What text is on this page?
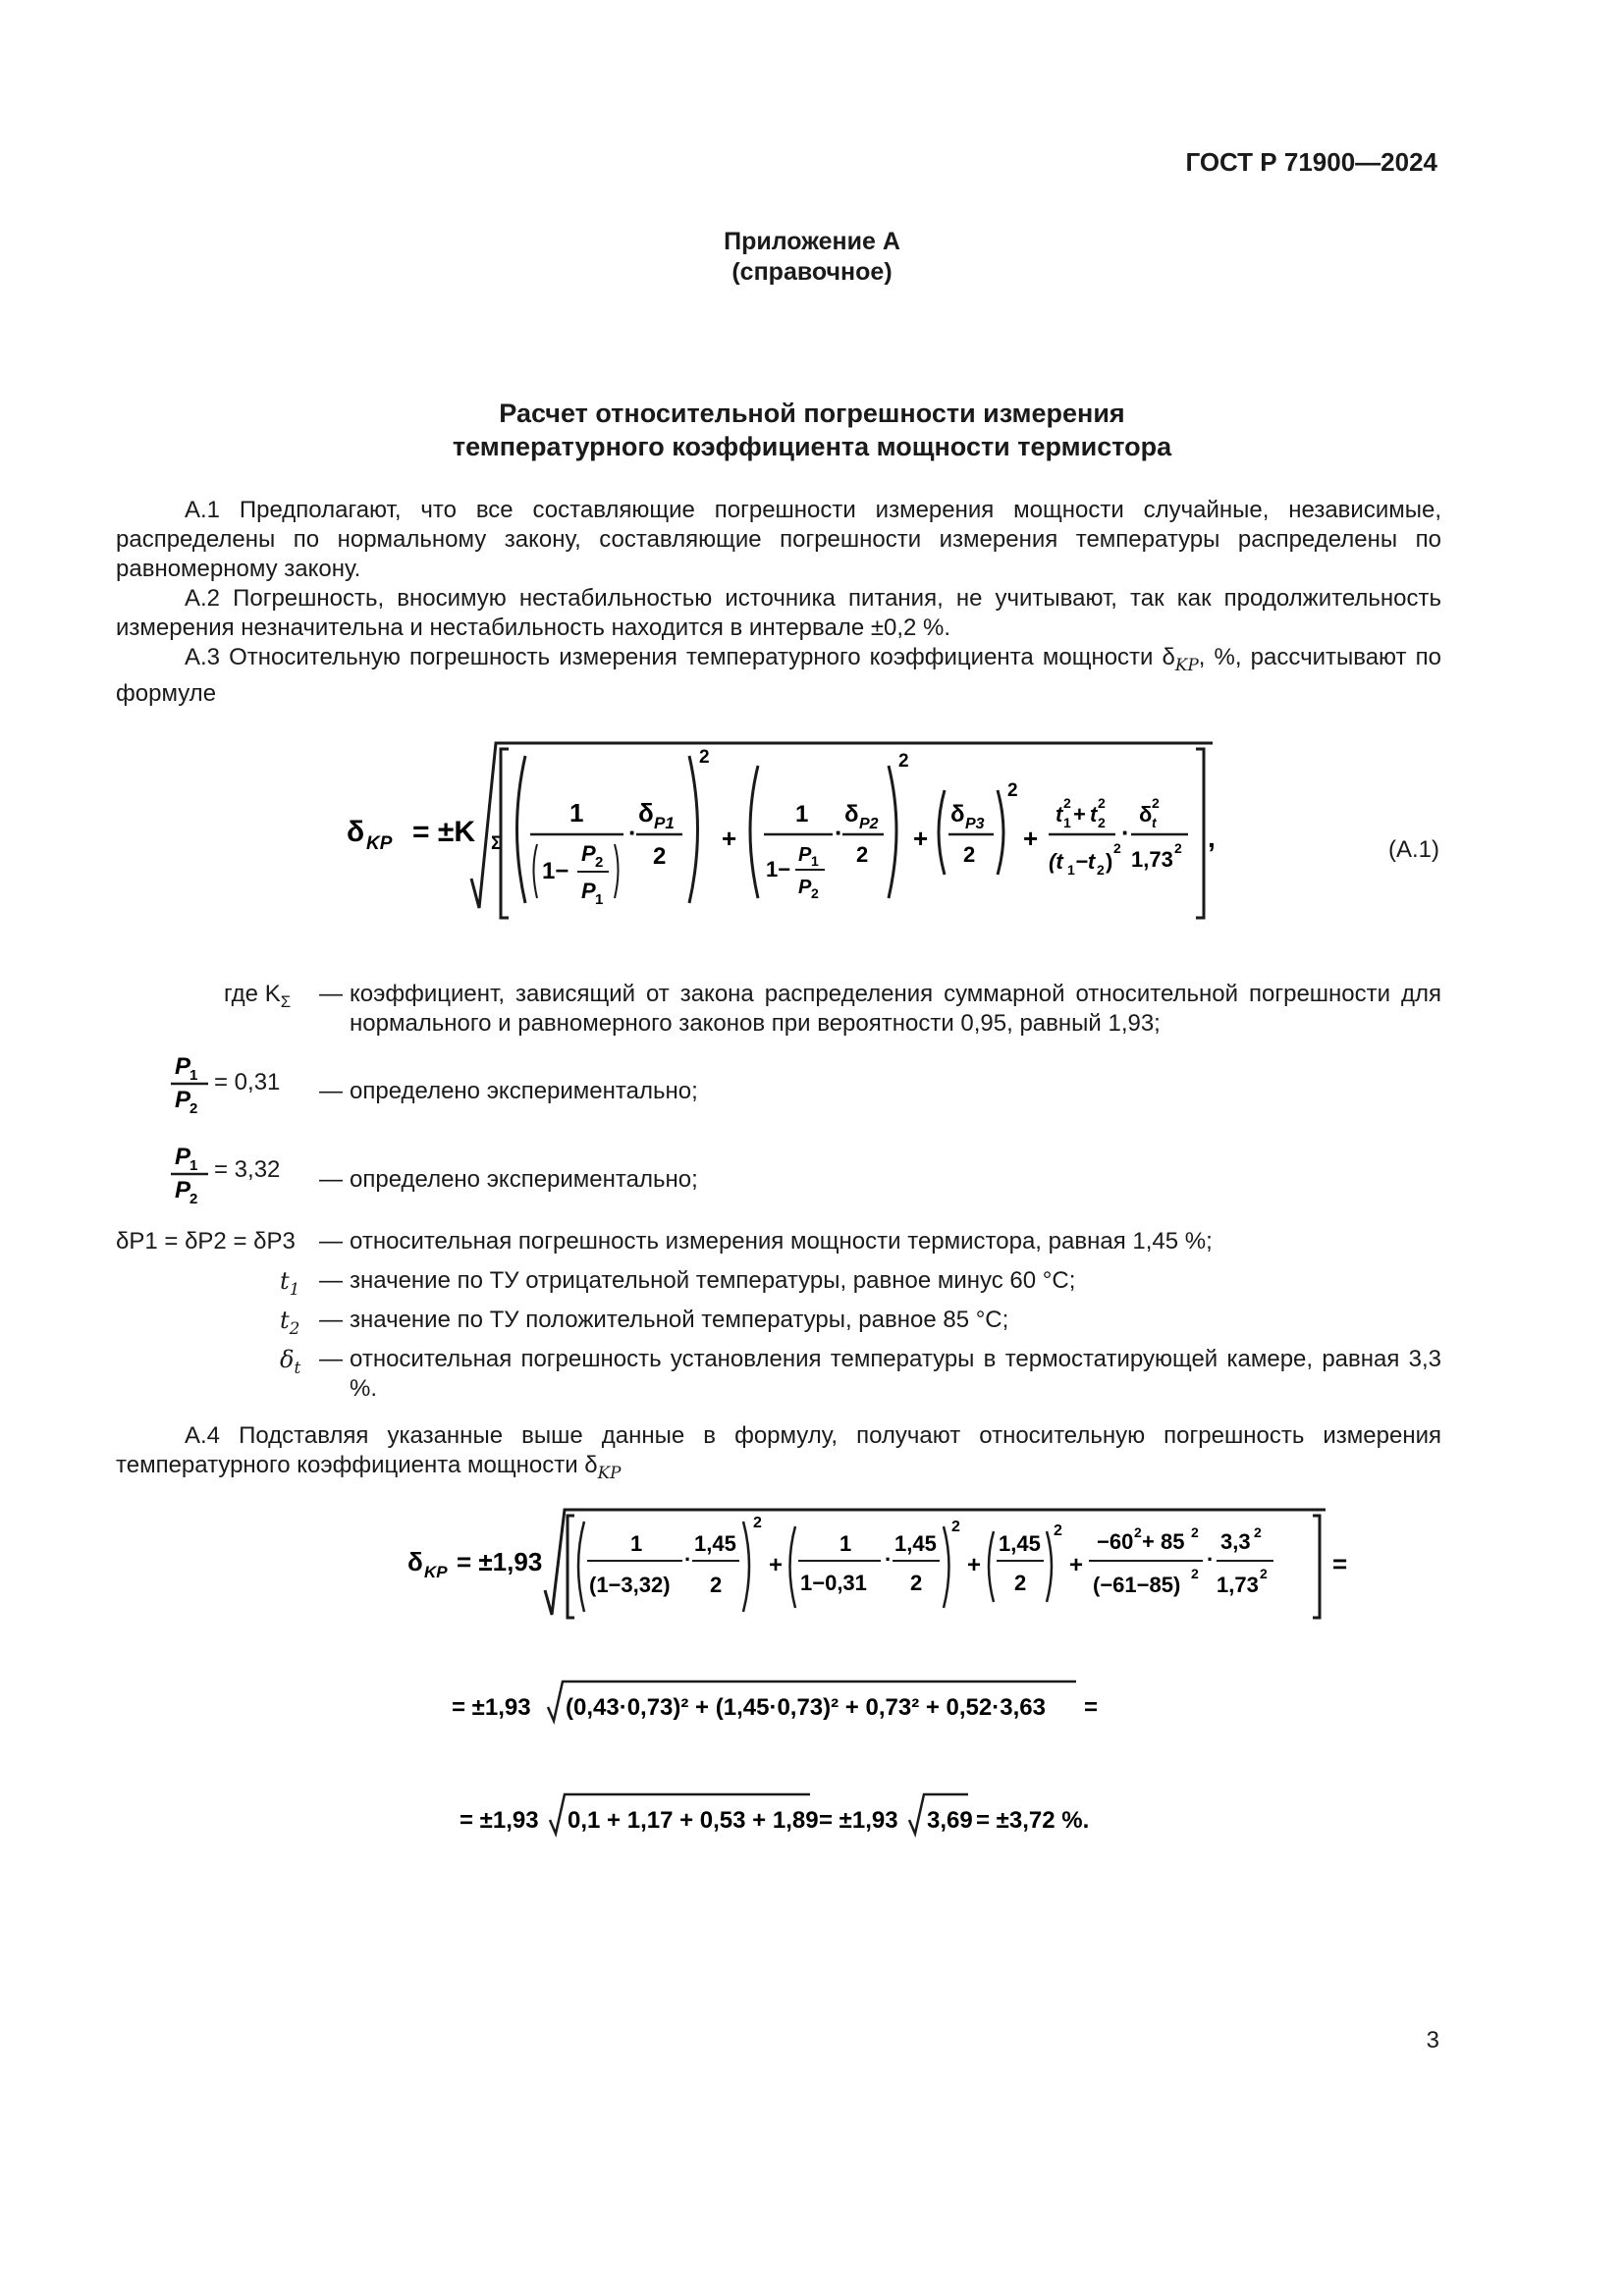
ГОСТ Р 71900—2024
Приложение А
(справочное)
Расчет относительной погрешности измерения
температурного коэффициента мощности термистора
А.1 Предполагают, что все составляющие погрешности измерения мощности случайные, независимые, распределены по нормальному закону, составляющие погрешности измерения температуры распределены по равномерному закону.
А.2 Погрешность, вносимую нестабильностью источника питания, не учитывают, так как продолжительность измерения незначительна и нестабильность находится в интервале ±0,2 %.
А.3 Относительную погрешность измерения температурного коэффициента мощности $\delta_{KP}$, %, рассчитывают по формуле
δ KP = ±K Σ
1
1−
P 2
P 1
·
δ P1
2
2
+
1
1−
P 1
P 2
·
δ P2
2
2
+
δ P3
2
2
+
t 1
2 + t 2
2
(t 1 −t 2 )
2
·
δ t
2
1,73 2 ,	(А.1)
где $K_\Sigma$ — коэффициент, зависящий от закона распределения суммарной относительной погрешности для нормального и равномерного законов при вероятности 0,95, равный 1,93;
P
1
P
2
= 0,31 — определено экспериментально;
P
1
P
2
= 3,32 — определено экспериментально;
δP1 = δP2 = δP3 — относительная погрешность измерения мощности термистора, равная 1,45 %;
$t_1$ — значение по ТУ отрицательной температуры, равное минус 60 °С;
$t_2$ — значение по ТУ положительной температуры, равное 85 °С;
$\delta_t$ — относительная погрешность установления температуры в термостатирующей камере, равная 3,3 %.
А.4 Подставляя указанные выше данные в формулу, получают относительную погрешность измерения температурного коэффициента мощности $\delta_{KP}$
δ KP = ±1,93
1
(1−3,32)
·
1,45
2
2
+
1
1−0,31
·
1,45
2
2
+
1,45
2
2
+
−60 2 + 85 2
(−61−85) 2
·
3,3 2
1,73 2	=
= ±1,93 (0,43·0,73)² + (1,45·0,73)² + 0,73² + 0,52·3,63 =
= ±1,93 0,1 + 1,17 + 0,53 + 1,89 = ±1,93 3,69 = ±3,72 %.
3
